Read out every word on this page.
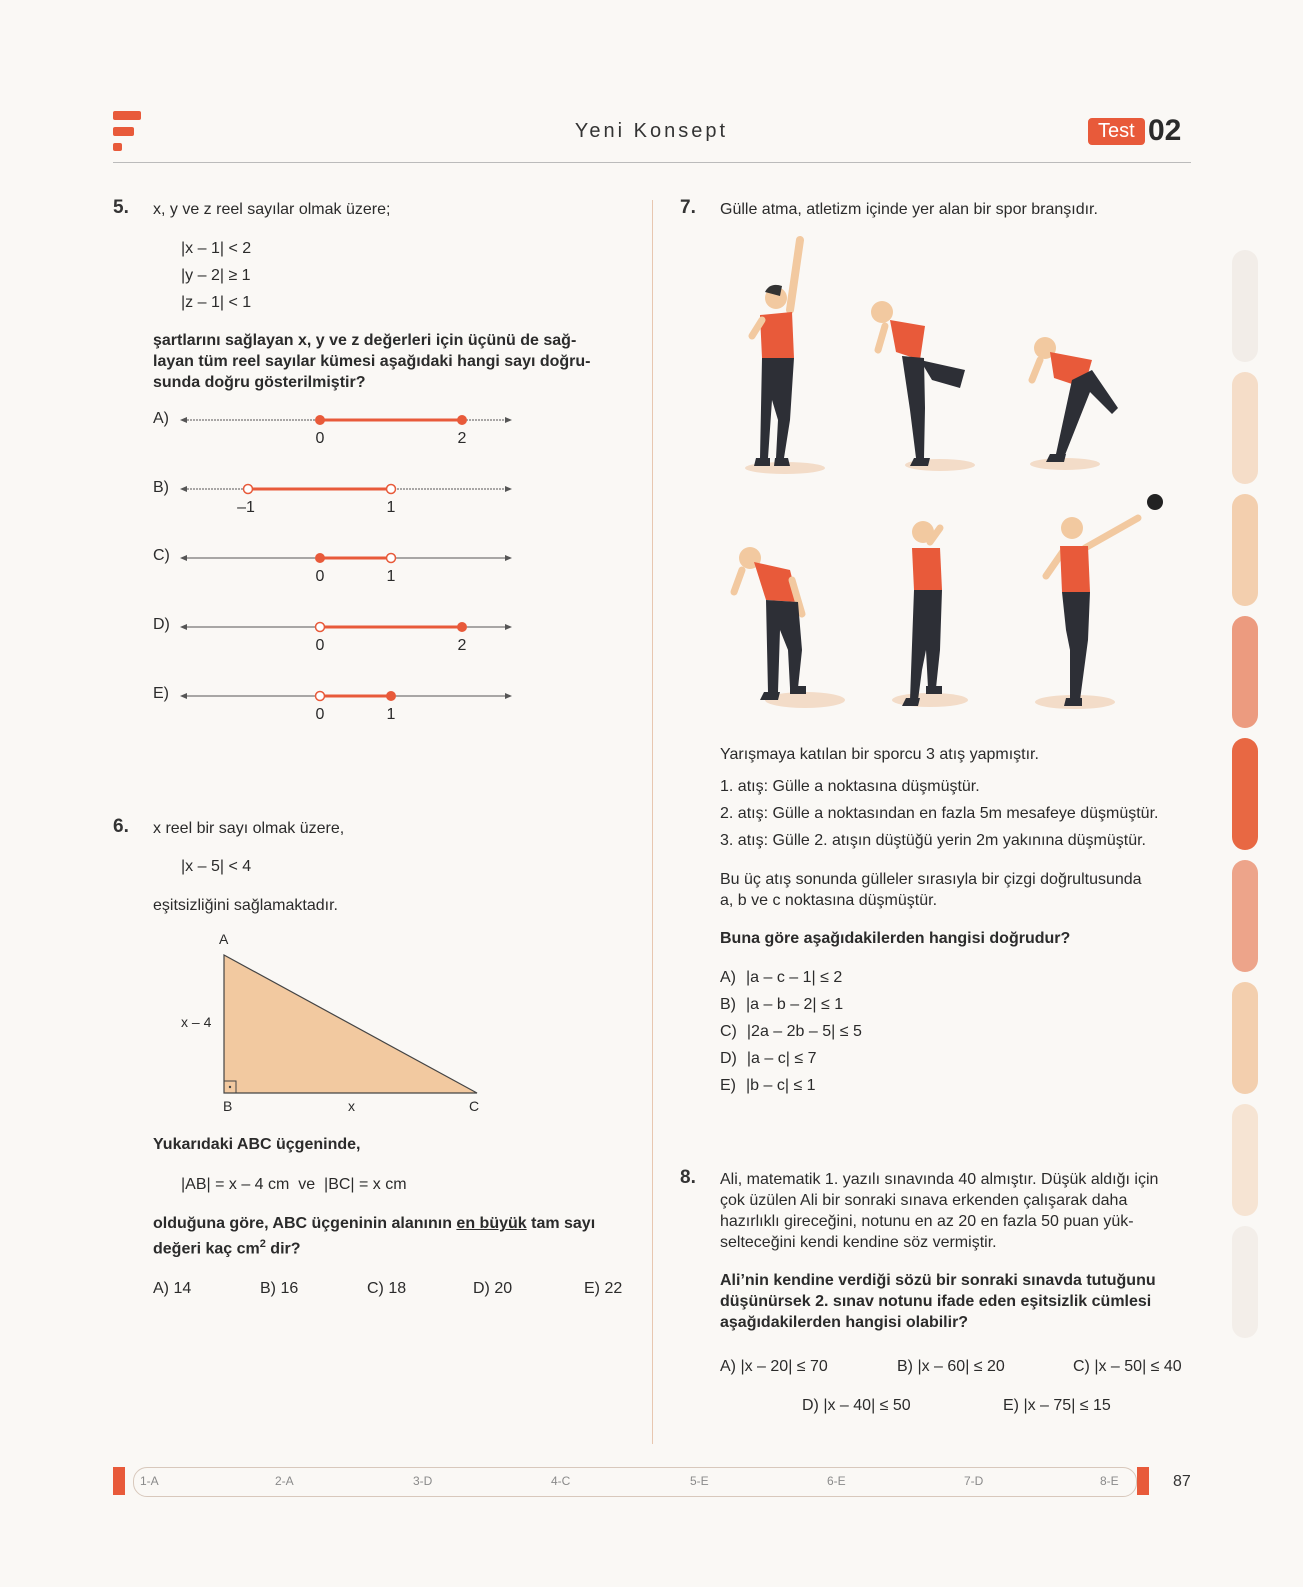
Yeni Konsept	Test 02
5. x, y ve z reel sayılar olmak üzere;
|x – 1| < 2
|y – 2| ≥ 1
|z – 1| < 1
şartlarını sağlayan x, y ve z değerleri için üçünü de sağ-
layan tüm reel sayılar kümesi aşağıdaki hangi sayı doğru-
sunda doğru gösterilmiştir?
A)
0	2
B)
–1	1
C)
0	1
D)
0	2
E)
0	1
6. x reel bir sayı olmak üzere,
|x – 5| < 4
eşitsizliğini sağlamaktadır.
A
B	C
x – 4
x
Yukarıdaki ABC üçgeninde,
|AB| = x – 4 cm  ve  |BC| = x cm
olduğuna göre, ABC üçgeninin alanının en büyük tam sayı
değeri kaç $cm^2$ dir?
A) 14	B) 16	C) 18	D) 20	E) 22
7. Gülle atma, atletizm içinde yer alan bir spor branşıdır.
Yarışmaya katılan bir sporcu 3 atış yapmıştır.
1. atış: Gülle a noktasına düşmüştür.
2. atış: Gülle a noktasından en fazla 5m mesafeye düşmüştür.
3. atış: Gülle 2. atışın düştüğü yerin 2m yakınına düşmüştür.
Bu üç atış sonunda gülleler sırasıyla bir çizgi doğrultusunda
a, b ve c noktasına düşmüştür.
Buna göre aşağıdakilerden hangisi doğrudur?
A) |a – c – 1| ≤ 2
B) |a – b – 2| ≤ 1
C) |2a – 2b – 5| ≤ 5
D) |a – c| ≤ 7
E) |b – c| ≤ 1
8. Ali, matematik 1. yazılı sınavında 40 almıştır. Düşük aldığı için
çok üzülen Ali bir sonraki sınava erkenden çalışarak daha
hazırlıklı gireceğini, notunu en az 20 en fazla 50 puan yük-
selteceğini kendi kendine söz vermiştir.
Ali’nin kendine verdiği sözü bir sonraki sınavda tutuğunu
düşünürsek 2. sınav notunu ifade eden eşitsizlik cümlesi
aşağıdakilerden hangisi olabilir?
A) |x – 20| ≤ 70	B) |x – 60| ≤ 20	C) |x – 50| ≤ 40
D) |x – 40| ≤ 50	E) |x – 75| ≤ 15
1-A	2-A	3-D	4-C	5-E	6-E	7-D	8-E	87
